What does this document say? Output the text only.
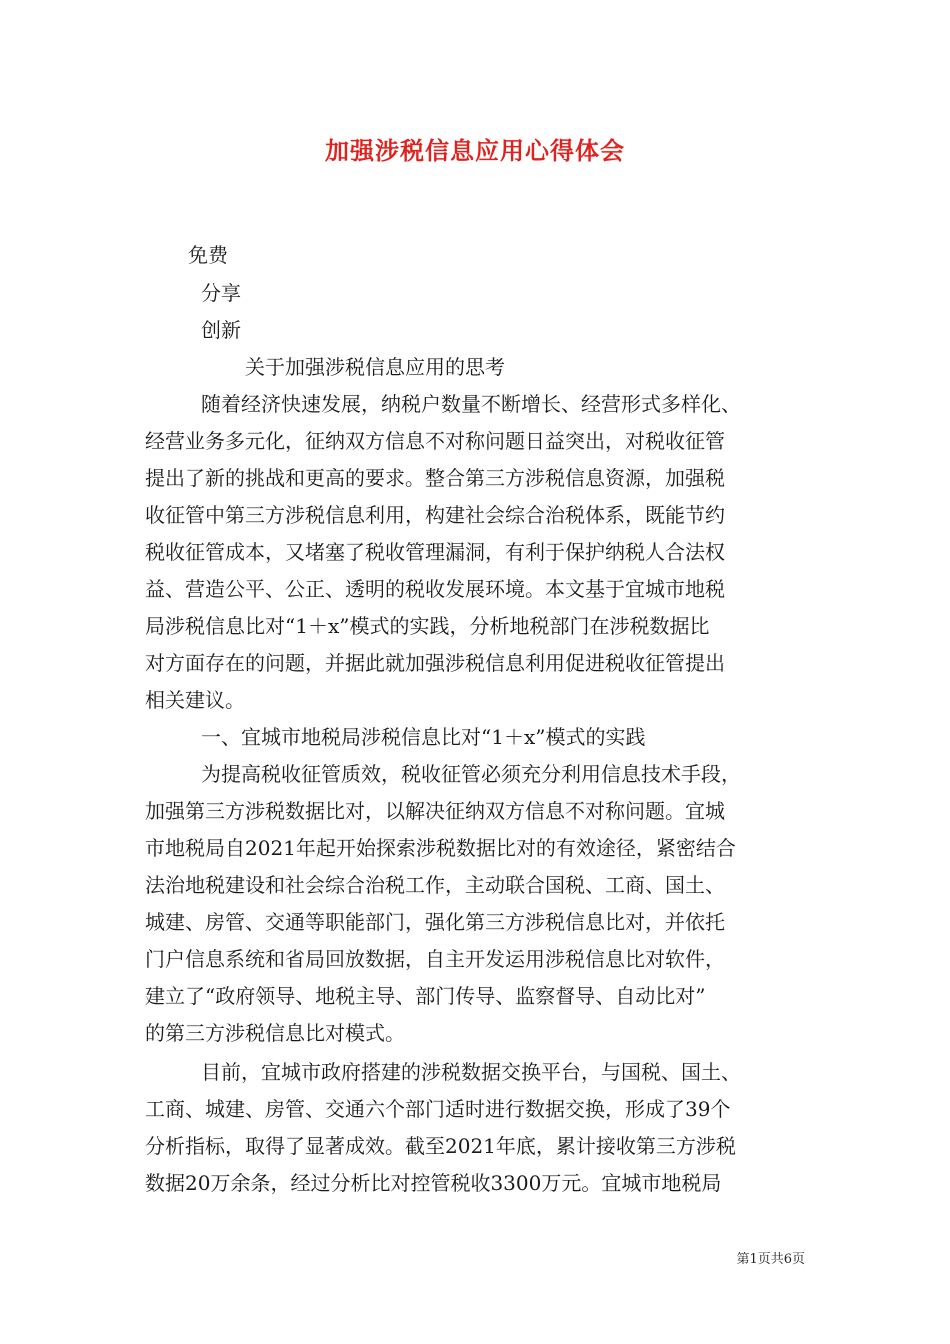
加强涉税信息应用心得体会
免费
分享
创新
关于加强涉税信息应用的思考
随着经济快速发展，纳税户数量不断增长、经营形式多样化、
经营业务多元化，征纳双方信息不对称问题日益突出，对税收征管
提出了新的挑战和更高的要求。整合第三方涉税信息资源，加强税
收征管中第三方涉税信息利用，构建社会综合治税体系，既能节约
税收征管成本，又堵塞了税收管理漏洞，有利于保护纳税人合法权
益、营造公平、公正、透明的税收发展环境。本文基于宜城市地税
局涉税信息比对“1＋x”模式的实践，分析地税部门在涉税数据比
对方面存在的问题，并据此就加强涉税信息利用促进税收征管提出
相关建议。
一、宜城市地税局涉税信息比对“1＋x”模式的实践
为提高税收征管质效，税收征管必须充分利用信息技术手段，
加强第三方涉税数据比对，以解决征纳双方信息不对称问题。宜城
市地税局自2021年起开始探索涉税数据比对的有效途径，紧密结合
法治地税建设和社会综合治税工作，主动联合国税、工商、国土、
城建、房管、交通等职能部门，强化第三方涉税信息比对，并依托
门户信息系统和省局回放数据，自主开发运用涉税信息比对软件，
建立了“政府领导、地税主导、部门传导、监察督导、自动比对”
的第三方涉税信息比对模式。
目前，宜城市政府搭建的涉税数据交换平台，与国税、国土、
工商、城建、房管、交通六个部门适时进行数据交换，形成了39个
分析指标，取得了显著成效。截至2021年底，累计接收第三方涉税
数据20万余条，经过分析比对控管税收3300万元。宜城市地税局
第1页共6页
